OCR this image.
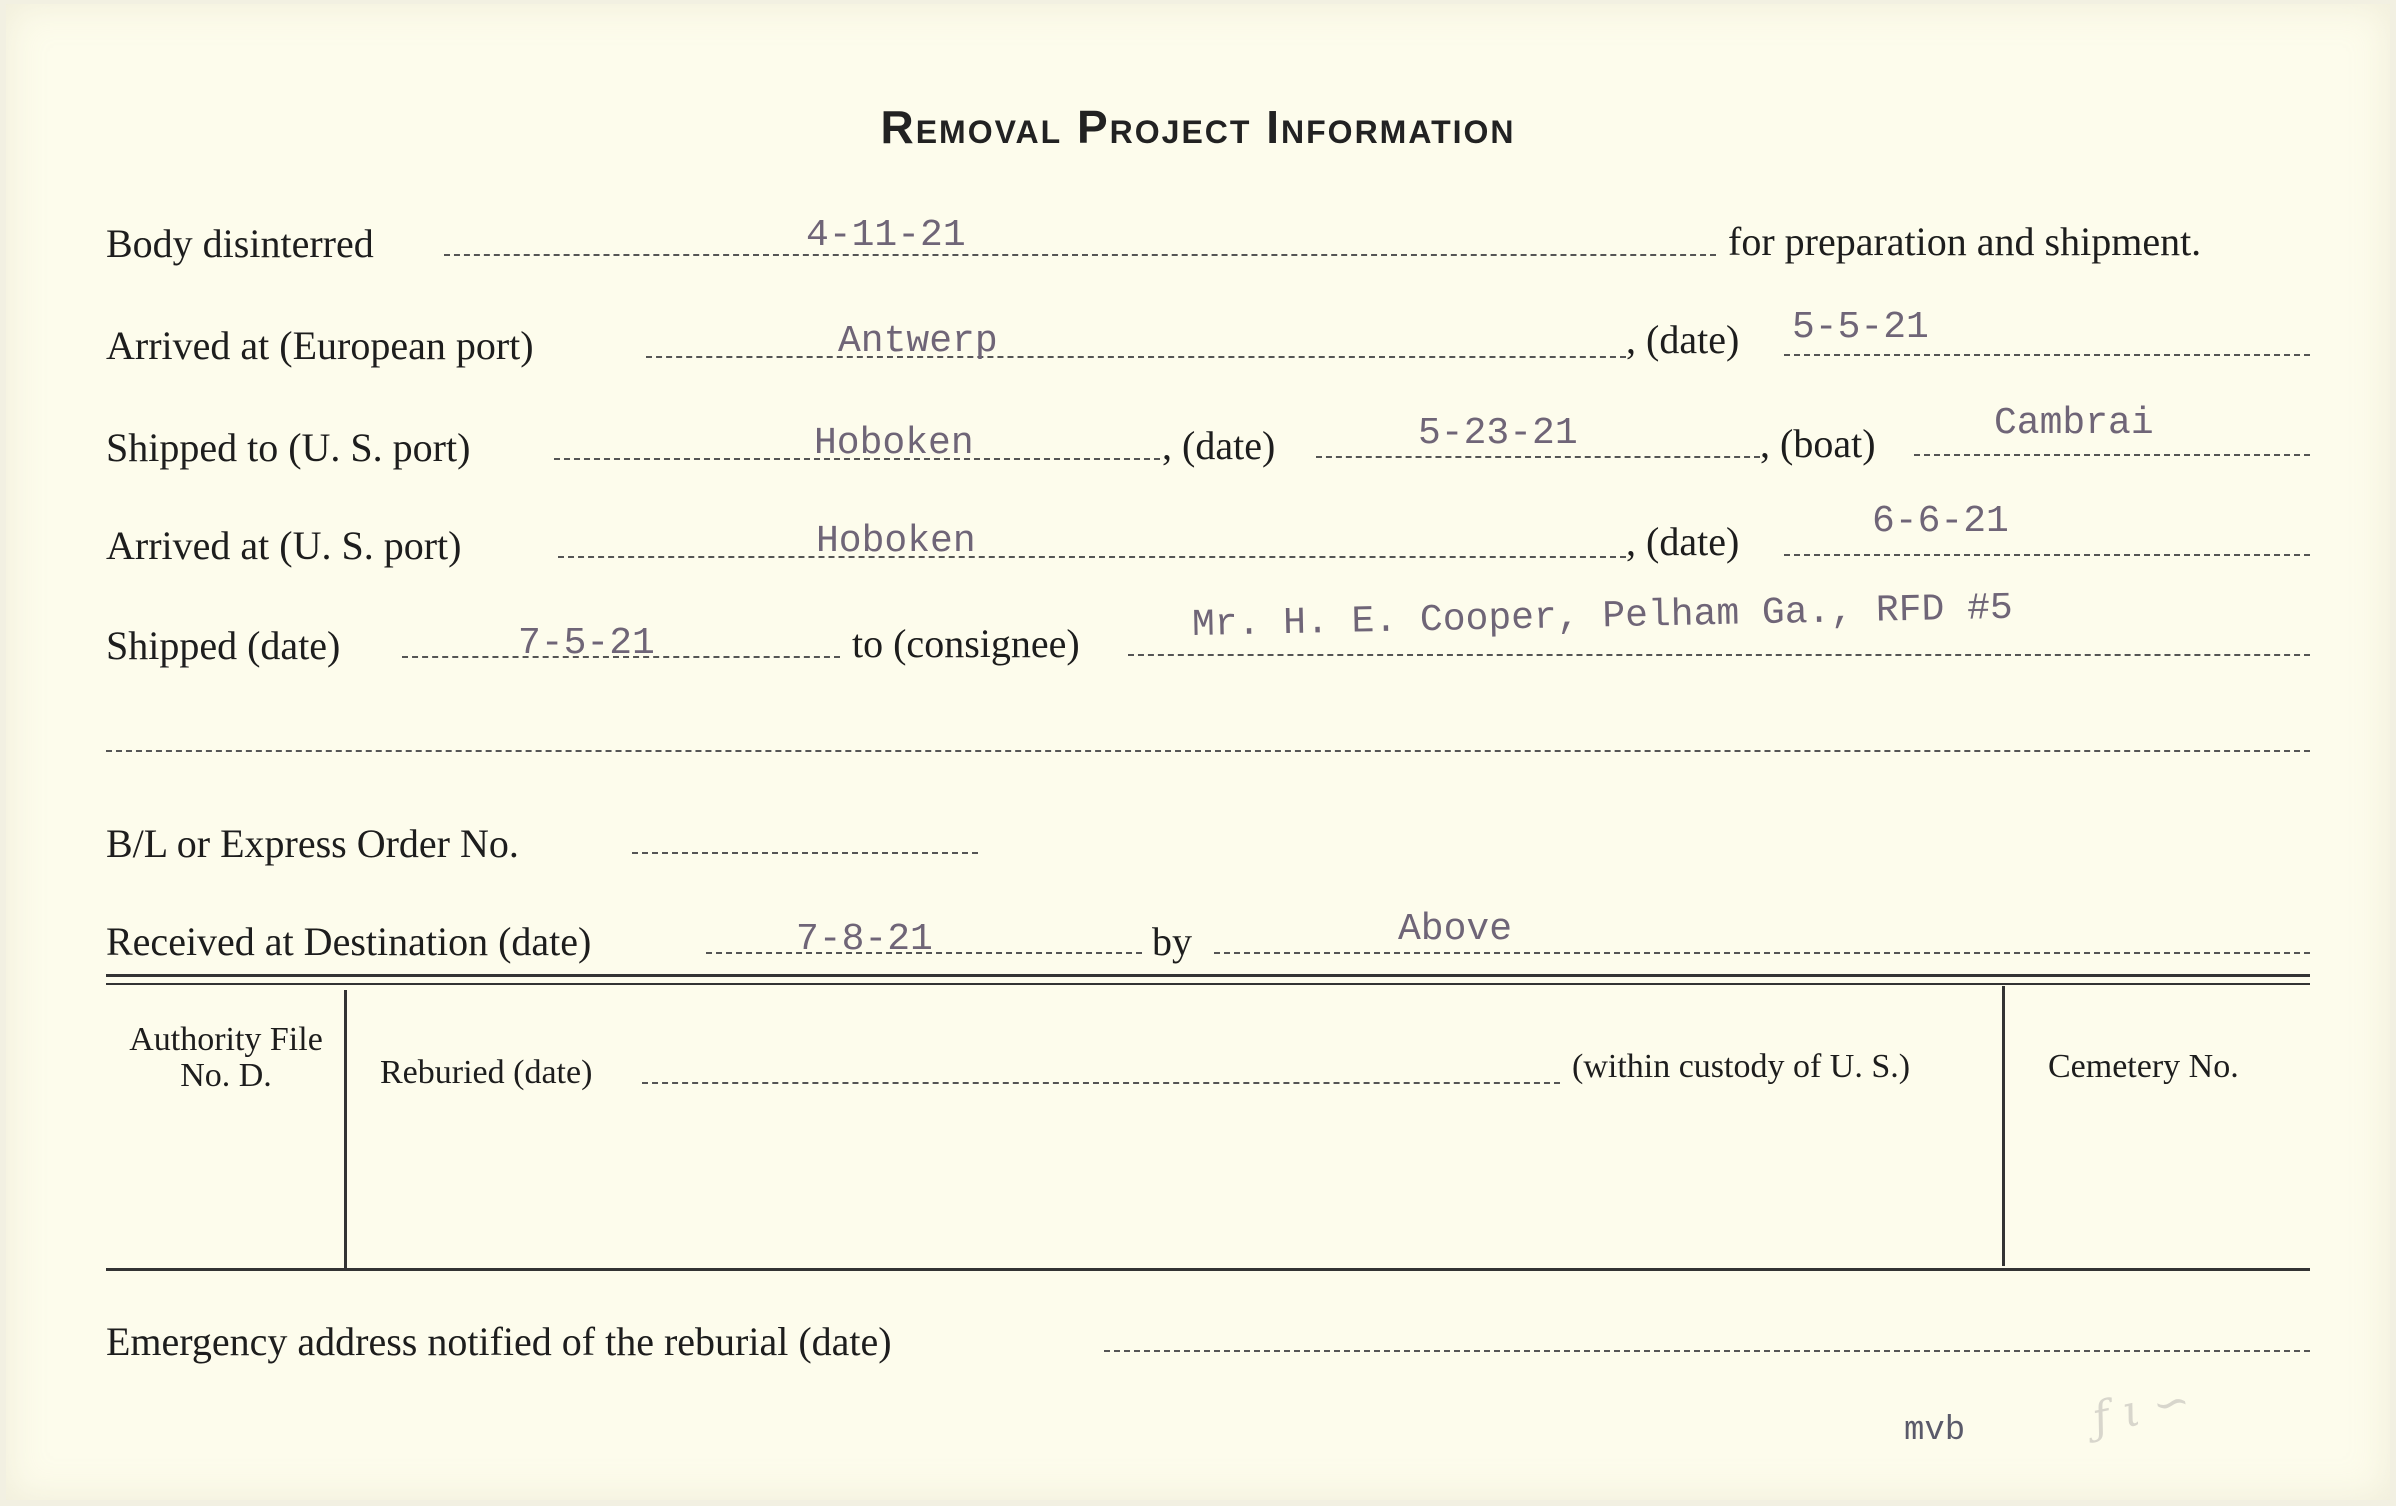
Removal Project Information
Body disinterred	4-11-21	for preparation and shipment.
Arrived at (European port)	Antwerp	, (date) 5-5-21
Shipped to (U. S. port)	Hoboken	, (date)	5-23-21	, (boat)	Cambrai
Arrived at (U. S. port)	Hoboken	, (date)	6-6-21
Shipped (date)	7-5-21	to (consignee)	Mr. H. E. Cooper, Pelham Ga., RFD #5
B/L or Express Order No.
Received at Destination (date)	7-8-21	by	Above
Authority File No. D.	Reburied (date)	(within custody of U. S.)	Cemetery No.
Emergency address notified of the reburial (date)
mvb	ƒ ι ∽
